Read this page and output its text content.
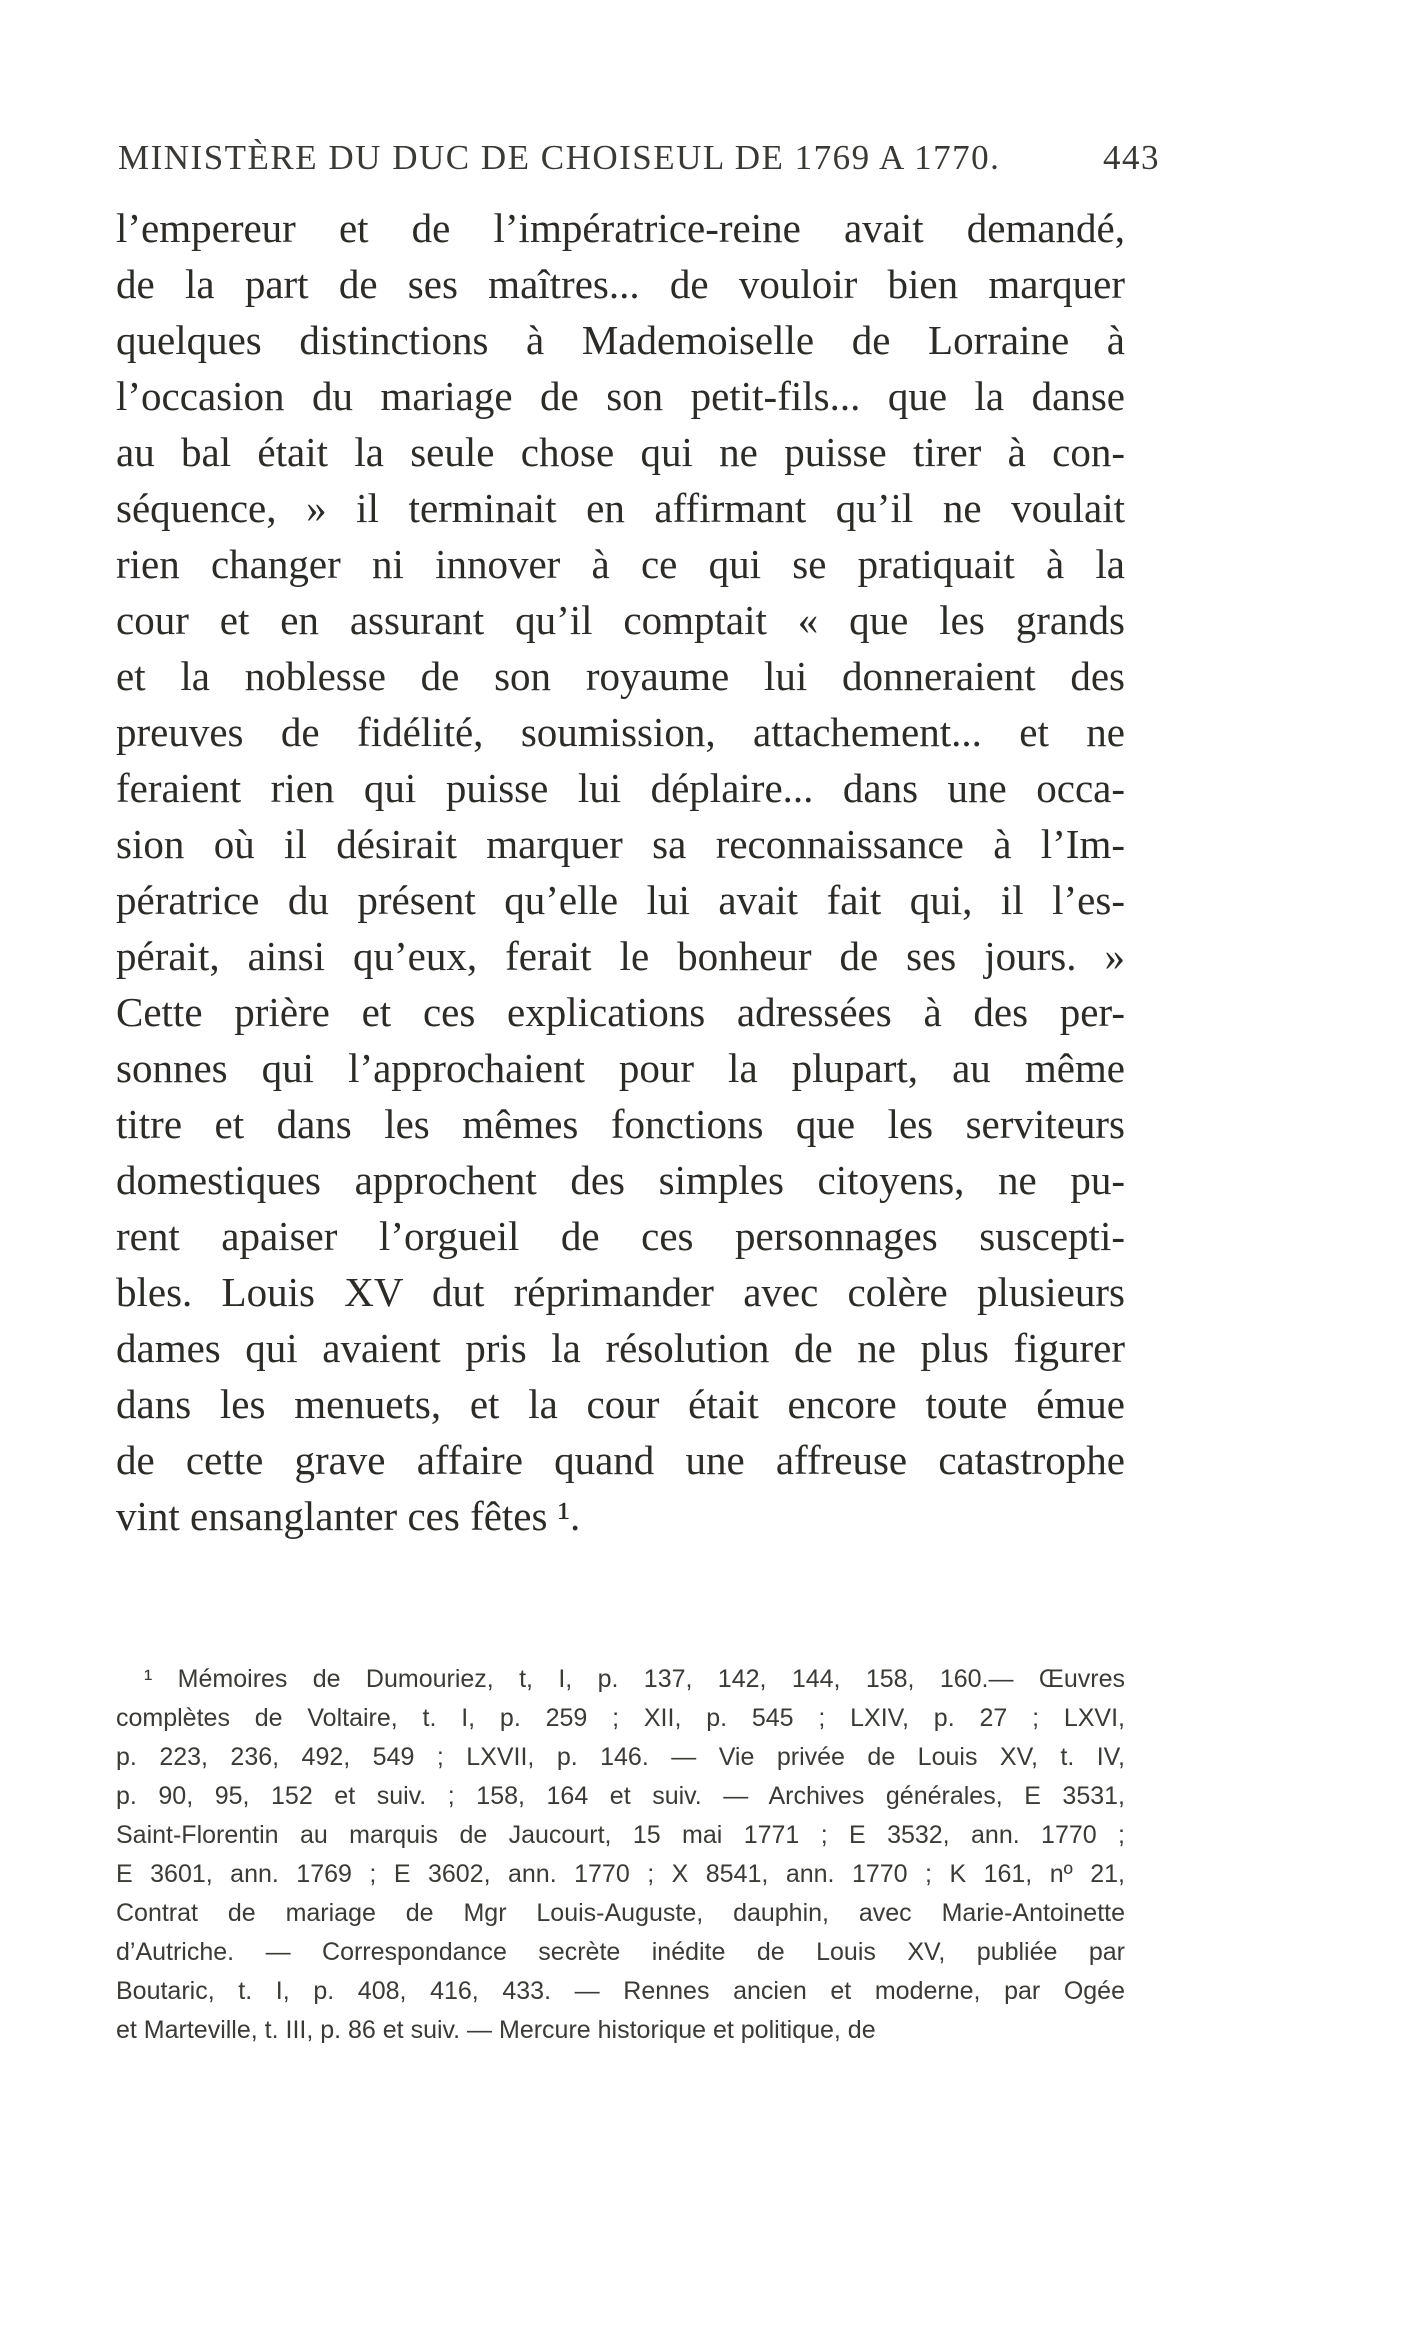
MINISTÈRE DU DUC DE CHOISEUL DE 1769 A 1770.	443
l’empereur et de l’impératrice-reine avait demandé,
de la part de ses maîtres... de vouloir bien marquer
quelques distinctions à Mademoiselle de Lorraine à
l’occasion du mariage de son petit-fils... que la danse
au bal était la seule chose qui ne puisse tirer à con-
séquence, » il terminait en affirmant qu’il ne voulait
rien changer ni innover à ce qui se pratiquait à la
cour et en assurant qu’il comptait « que les grands
et la noblesse de son royaume lui donneraient des
preuves de fidélité, soumission, attachement... et ne
feraient rien qui puisse lui déplaire... dans une occa-
sion où il désirait marquer sa reconnaissance à l’Im-
pératrice du présent qu’elle lui avait fait qui, il l’es-
pérait, ainsi qu’eux, ferait le bonheur de ses jours. »
Cette prière et ces explications adressées à des per-
sonnes qui l’approchaient pour la plupart, au même
titre et dans les mêmes fonctions que les serviteurs
domestiques approchent des simples citoyens, ne pu-
rent apaiser l’orgueil de ces personnages suscepti-
bles. Louis XV dut réprimander avec colère plusieurs
dames qui avaient pris la résolution de ne plus figurer
dans les menuets, et la cour était encore toute émue
de cette grave affaire quand une affreuse catastrophe
vint ensanglanter ces fêtes ¹.
¹ Mémoires de Dumouriez, t, I, p. 137, 142, 144, 158, 160.— Œuvres
complètes de Voltaire, t. I, p. 259 ; XII, p. 545 ; LXIV, p. 27 ; LXVI,
p. 223, 236, 492, 549 ; LXVII, p. 146. — Vie privée de Louis XV, t. IV,
p. 90, 95, 152 et suiv. ; 158, 164 et suiv. — Archives générales, E 3531,
Saint-Florentin au marquis de Jaucourt, 15 mai 1771 ; E 3532, ann. 1770 ;
E 3601, ann. 1769 ; E 3602, ann. 1770 ; X 8541, ann. 1770 ; K 161, nº 21,
Contrat de mariage de Mgr Louis-Auguste, dauphin, avec Marie-Antoinette
d’Autriche. — Correspondance secrète inédite de Louis XV, publiée par
Boutaric, t. I, p. 408, 416, 433. — Rennes ancien et moderne, par Ogée
et Marteville, t. III, p. 86 et suiv. — Mercure historique et politique, de
